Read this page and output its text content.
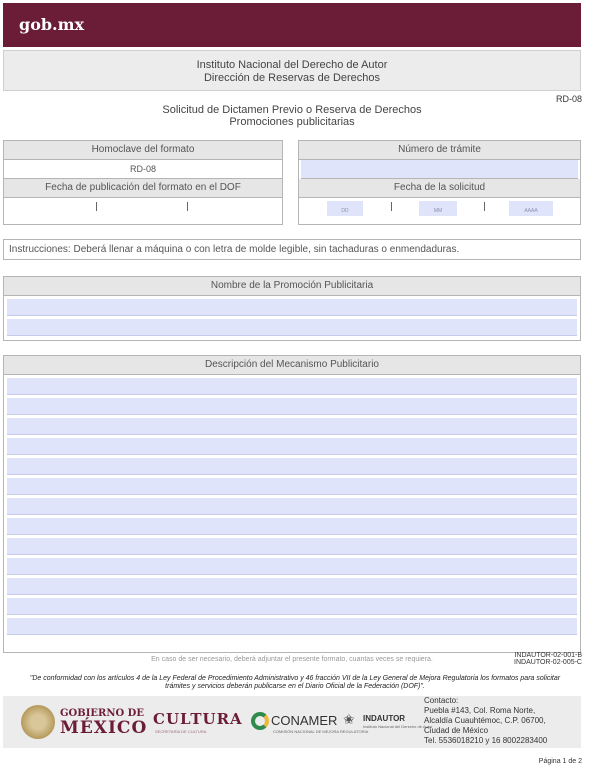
gob.mx
Instituto Nacional del Derecho de Autor
Dirección de Reservas de Derechos
RD-08
Solicitud de Dictamen Previo o Reserva de Derechos
Promociones publicitarias
Homoclave del formato
RD-08
Fecha de publicación del formato en el DOF
Número de trámite
Fecha de la solicitud
DD	MM	AAAA
Instrucciones: Deberá llenar a máquina o con letra de molde legible, sin tachaduras o enmendaduras.
Nombre de la Promoción Publicitaria
Descripción del Mecanismo Publicitario
En caso de ser necesario, deberá adjuntar el presente formato, cuantas veces se requiera.
INDAUTOR-02-001-B
INDAUTOR-02-005-C
"De conformidad con los artículos 4 de la Ley Federal de Procedimiento Administrativo y 46 fracción VII de la Ley General de Mejora Regulatoria los formatos para solicitar trámites y servicios deberán publicarse en el Diario Oficial de la Federación (DOF)".
GOBIERNO DE
MÉXICO CULTURA
SECRETARÍA DE CULTURA
CONAMER
COMISIÓN NACIONAL DE MEJORA REGULATORIA
✬ INDAUTOR
Instituto Nacional del Derecho de Autor
Contacto:
Puebla #143, Col. Roma Norte,
Alcaldía Cuauhtémoc, C.P. 06700,
Ciudad de México
Tel. 5536018210 y 16 8002283400
Página 1 de 2
